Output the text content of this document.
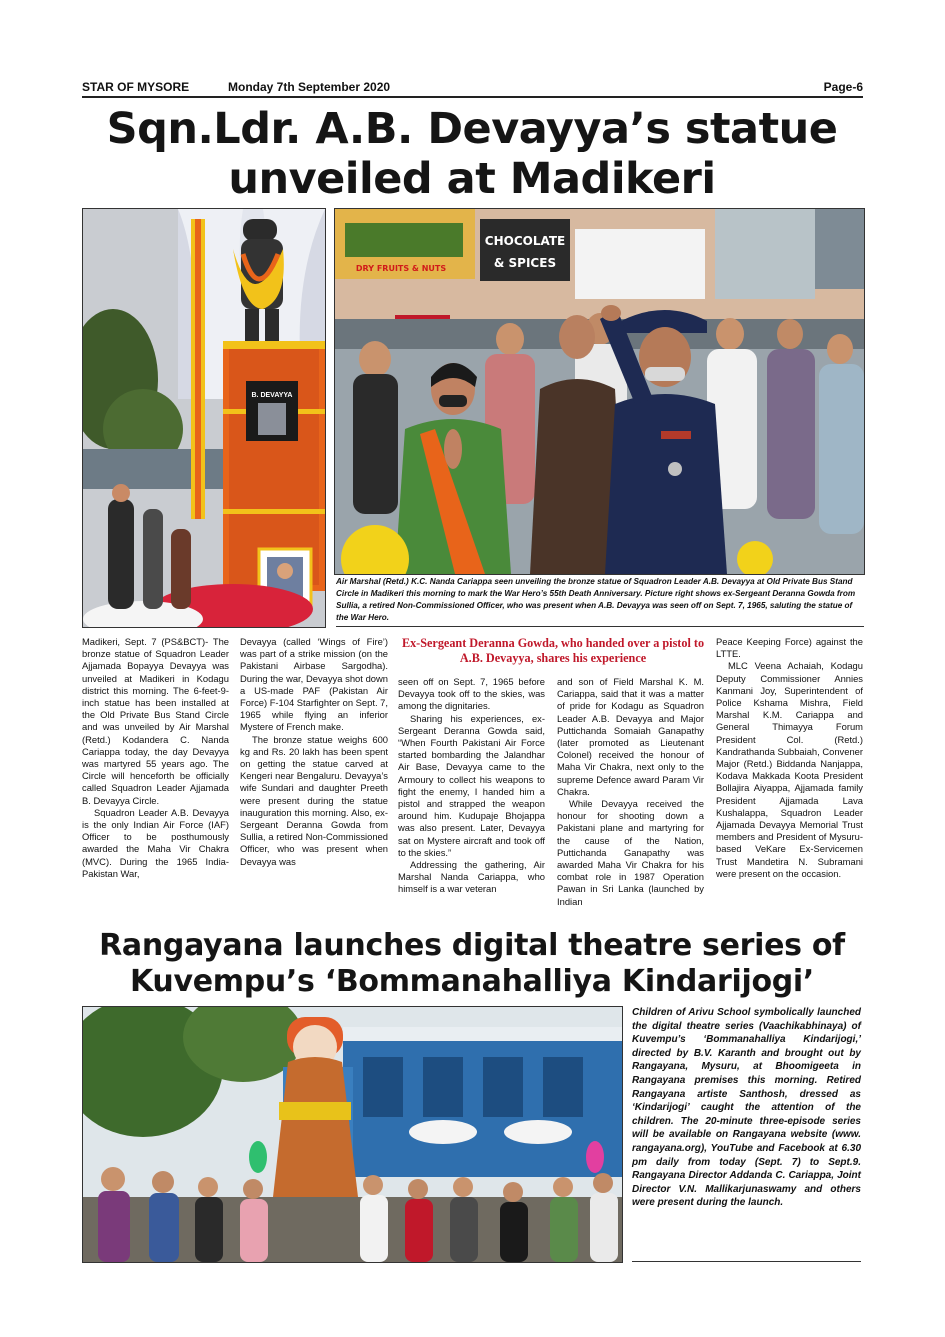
STAR OF MYSORE	Monday 7th September 2020	Page-6
Sqn.Ldr. A.B. Devayya’s statue
unveiled at Madikeri
B. DEVAYYA
CHOCOLATE
& SPICES
DRY FRUITS & NUTS
Air Marshal (Retd.) K.C. Nanda Cariappa seen unveiling the bronze statue of Squadron Leader A.B. Devayya at Old Private Bus Stand Circle in Madikeri this morning to mark the War Hero’s 55th Death Anniversary. Picture right shows ex-Sergeant Deranna Gowda from Sullia, a retired Non-Commissioned Officer, who was present when A.B. Devayya was seen off on Sept. 7, 1965, saluting the statue of the War Hero.

Madikeri, Sept. 7 (PS&BCT)- The bronze statue of Squadron Leader Ajjamada Bopayya Devayya was unveiled at Madikeri in Kodagu district this morning. The 6-feet-9-inch statue has been installed at the Old Private Bus Stand Circle and was unveiled by Air Marshal (Retd.) Kodandera C. Nanda Cariappa today, the day Devayya was martyred 55 years ago. The Circle will henceforth be officially called Squadron Leader Ajjamada B. Devayya Circle.

Squadron Leader A.B. Devayya is the only Indian Air Force (IAF) Officer to be posthumously awarded the Maha Vir Chakra (MVC). During the 1965 India-Pakistan War,

Devayya (called ‘Wings of Fire’) was part of a strike mission (on the Pakistani Airbase Sargodha). During the war, Devayya shot down a US-made PAF (Pakistan Air Force) F-104 Starfighter on Sept. 7, 1965 while flying an inferior Mystere of French make.

The bronze statue weighs 600 kg and Rs. 20 lakh has been spent on getting the statue carved at Kengeri near Bengaluru. Devayya’s wife Sundari and daughter Preeth were present during the statue inauguration this morning. Also, ex-Sergeant Deranna Gowda from Sullia, a retired Non-Commissioned Officer, who was present when Devayya was

Ex-Sergeant Deranna Gowda, who handed over a pistol to A.B. Devayya, shares his experience

seen off on Sept. 7, 1965 before Devayya took off to the skies, was among the dignitaries.

Sharing his experiences, ex-Sergeant Deranna Gowda said, “When Fourth Pakistani Air Force started bombarding the Jalandhar Air Base, Devayya came to the Armoury to collect his weapons to fight the enemy, I handed him a pistol and strapped the weapon around him. Kudupaje Bhojappa was also present. Later, Devayya sat on Mystere aircraft and took off to the skies.”

Addressing the gathering, Air Marshal Nanda Cariappa, who himself is a war veteran

and son of Field Marshal K. M. Cariappa, said that it was a matter of pride for Kodagu as Squadron Leader A.B. Devayya and Major Puttichanda Somaiah Ganapathy (later promoted as Lieutenant Colonel) received the honour of Maha Vir Chakra, next only to the supreme Defence award Param Vir Chakra.

While Devayya received the honour for shooting down a Pakistani plane and martyring for the cause of the Nation, Puttichanda Ganapathy was awarded Maha Vir Chakra for his combat role in 1987 Operation Pawan in Sri Lanka (launched by Indian

Peace Keeping Force) against the LTTE.

MLC Veena Achaiah, Kodagu Deputy Commissioner Annies Kanmani Joy, Superintendent of Police Kshama Mishra, Field Marshal K.M. Cariappa and General Thimayya Forum President Col. (Retd.) Kandrathanda Subbaiah, Convener Major (Retd.) Biddanda Nanjappa, Kodava Makkada Koota President Bollajira Aiyappa, Ajjamada family President Ajjamada Lava Kushalappa, Squadron Leader Ajjamada Devayya Memorial Trust members and President of Mysuru-based VeKare Ex-Servicemen Trust Mandetira N. Subramani were present on the occasion.

Rangayana launches digital theatre series of
Kuvempu’s ‘Bommanahalliya Kindarijogi’
Children of Arivu School symbolically launched the digital theatre series (Vaachikabhinaya) of Kuvempu’s ‘Bommanahalliya Kindarijogi,’ directed by B.V. Karanth and brought out by Rangayana, Mysuru, at Bhoomigeeta in Rangayana premises this morning. Retired Rangayana artiste Santhosh, dressed as ‘Kindarijogi’ caught the attention of the children. The 20-minute three-episode series will be available on Rangayana website (www. rangayana.org), YouTube and Facebook at 6.30 pm daily from today (Sept. 7) to Sept.9. Rangayana Director Addanda C. Cariappa, Joint Director V.N. Mallikarjunaswamy and others were present during the launch.
